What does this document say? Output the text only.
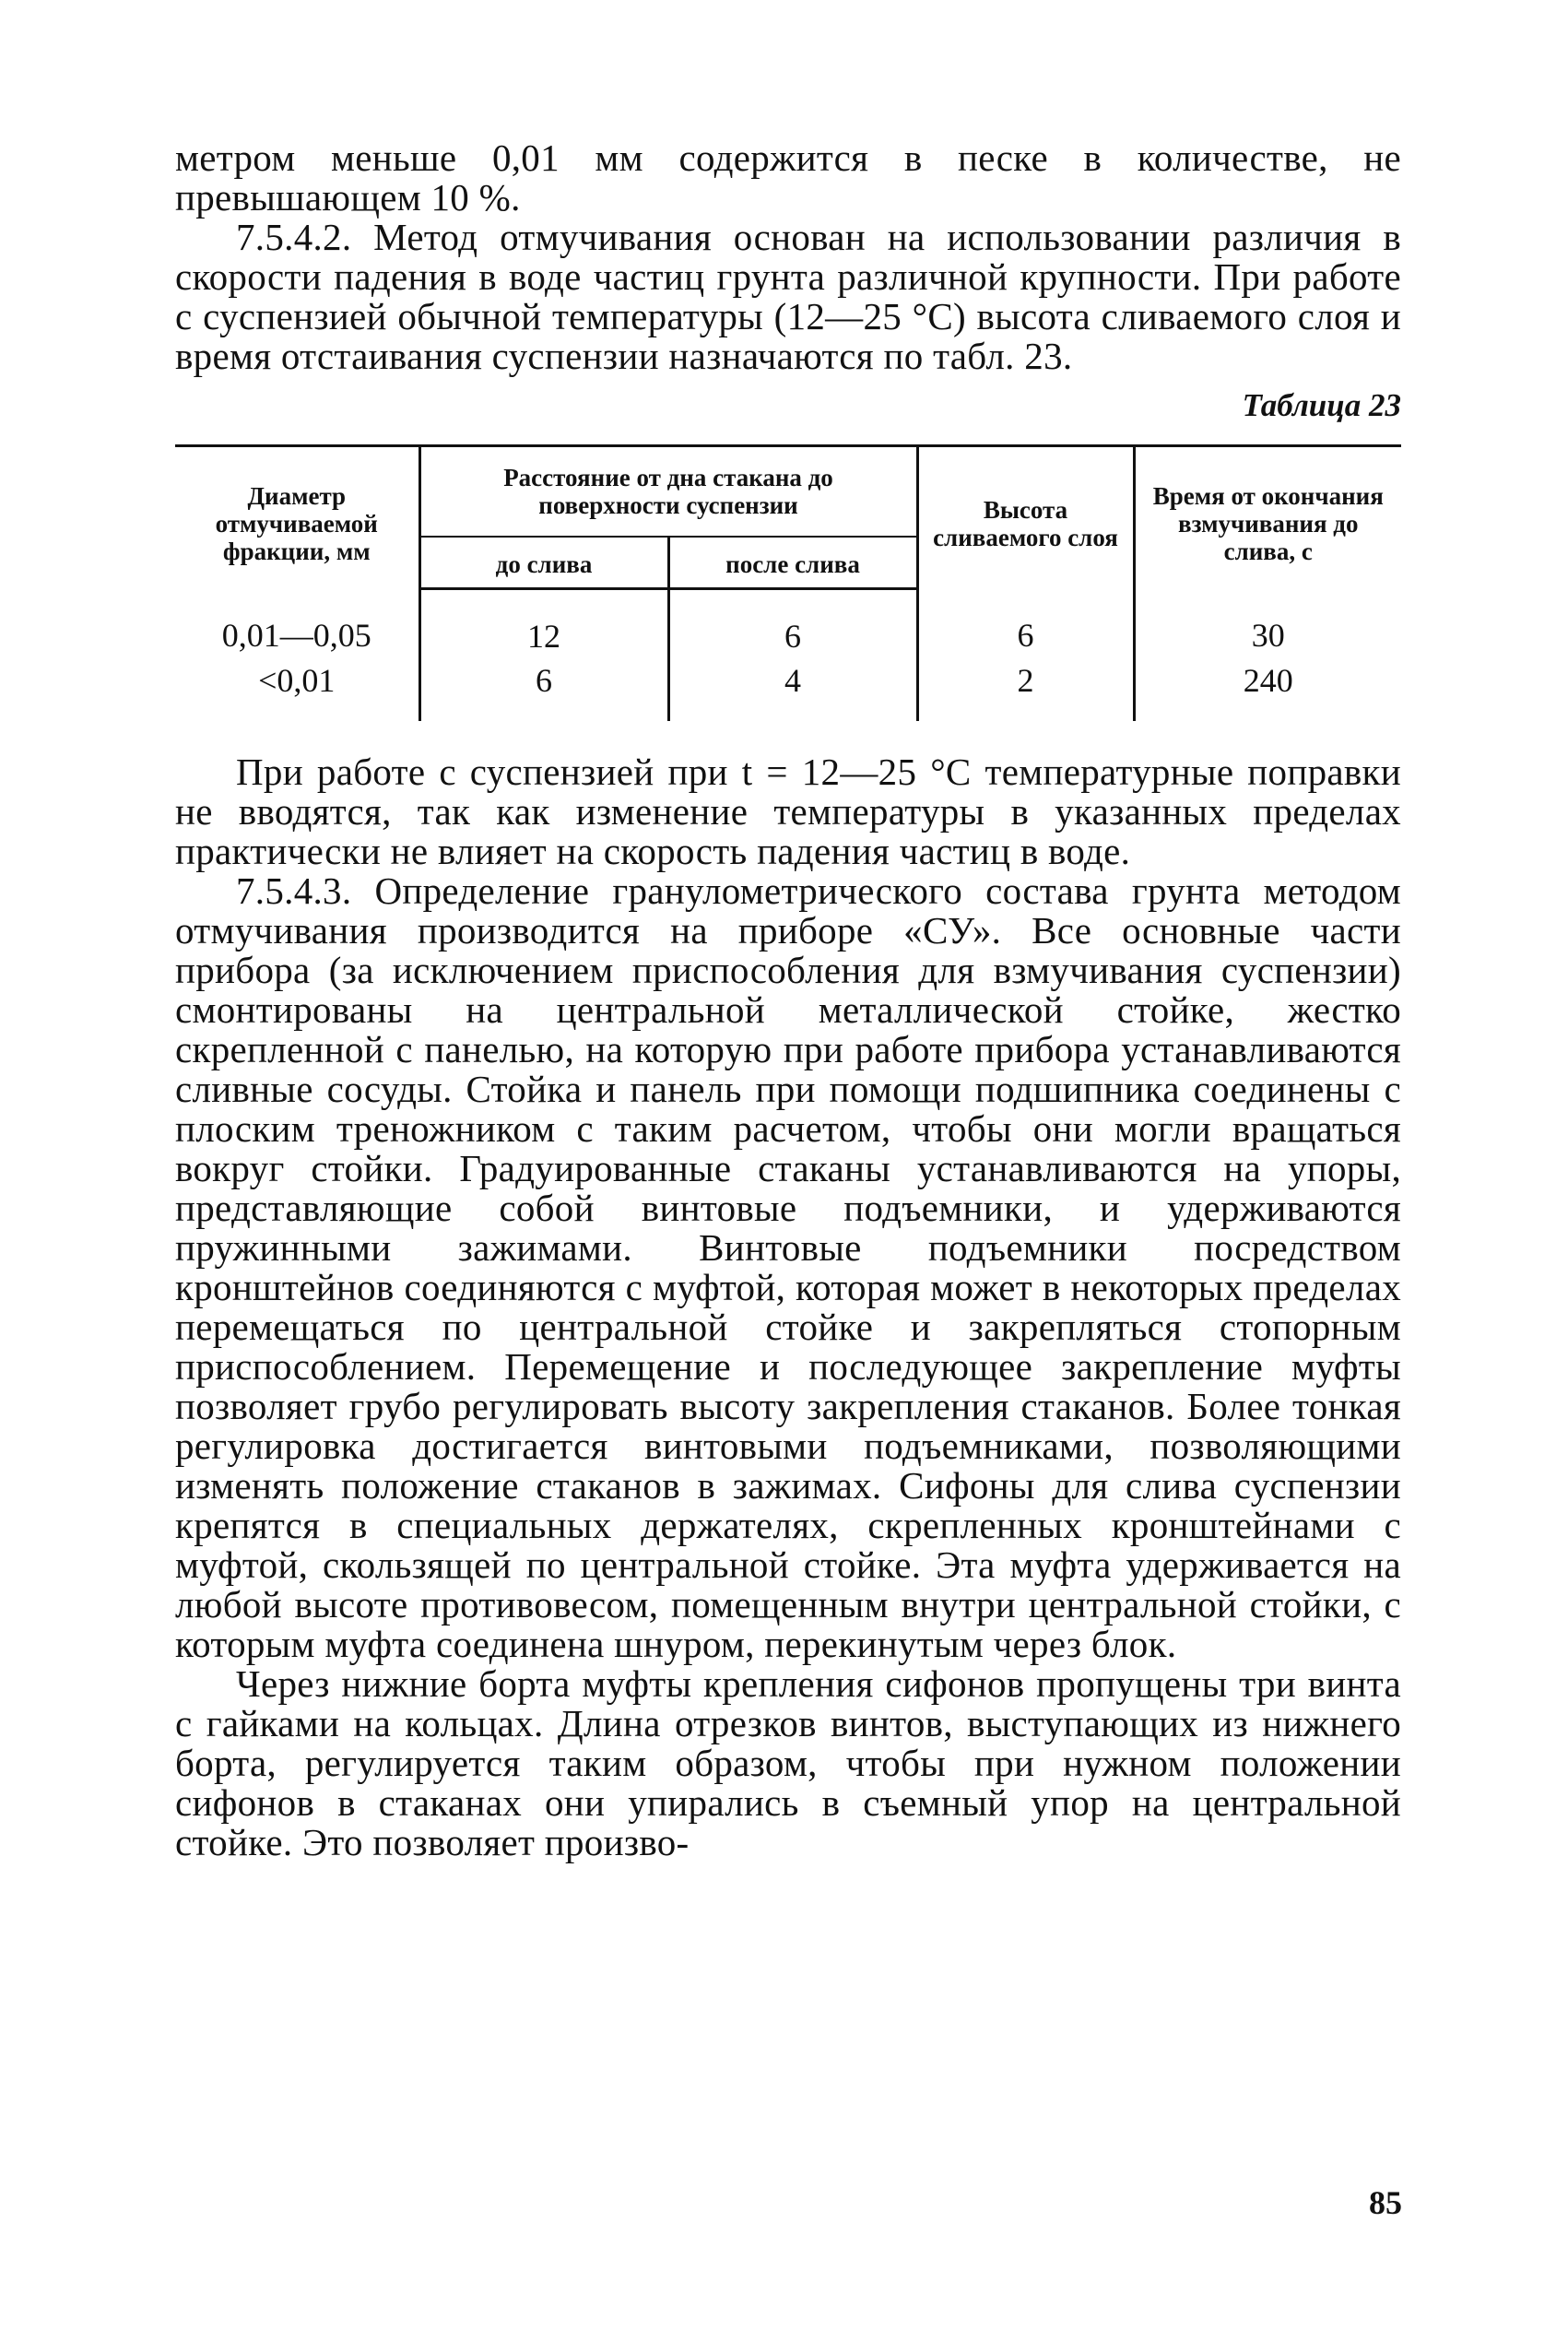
метром меньше 0,01 мм содержится в песке в количестве, не превышающем 10 %.

7.5.4.2. Метод отмучивания основан на использовании различия в скорости падения в воде частиц грунта различной крупности. При работе с суспензией обычной температуры (12—25 °С) высота сливаемого слоя и время отстаивания суспензии назначаются по табл. 23.

Таблица 23
Диаметр отмучиваемой фракции, мм	Расстояние от дна стакана до поверхности суспензии		Высота сливаемого слоя	Время от окончания взмучивания до слива, с
	до слива	после слива		
0,01—0,05	12	6	6	30
<0,01	6	4	2	240

При работе с суспензией при t = 12—25 °С температурные поправки не вводятся, так как изменение температуры в указанных пределах практически не влияет на скорость падения частиц в воде.

7.5.4.3. Определение гранулометрического состава грунта методом отмучивания производится на приборе «СУ». Все основные части прибора (за исключением приспособления для взмучивания суспензии) смонтированы на центральной металлической стойке, жестко скрепленной с панелью, на которую при работе прибора устанавливаются сливные сосуды. Стойка и панель при помощи подшипника соединены с плоским треножником с таким расчетом, чтобы они могли вращаться вокруг стойки. Градуированные стаканы устанавливаются на упоры, представляющие собой винтовые подъемники, и удерживаются пружинными зажимами. Винтовые подъемники посредством кронштейнов соединяются с муфтой, которая может в некоторых пределах перемещаться по центральной стойке и закрепляться стопорным приспособлением. Перемещение и последующее закрепление муфты позволяет грубо регулировать высоту закрепления стаканов. Более тонкая регулировка достигается винтовыми подъемниками, позволяющими изменять положение стаканов в зажимах. Сифоны для слива суспензии крепятся в специальных держателях, скрепленных кронштейнами с муфтой, скользящей по центральной стойке. Эта муфта удерживается на любой высоте противовесом, помещенным внутри центральной стойки, с которым муфта соединена шнуром, перекинутым через блок.

Через нижние борта муфты крепления сифонов пропущены три винта с гайками на кольцах. Длина отрезков винтов, выступающих из нижнего борта, регулируется таким образом, чтобы при нужном положении сифонов в стаканах они упирались в съемный упор на центральной стойке. Это позволяет произво-

85
